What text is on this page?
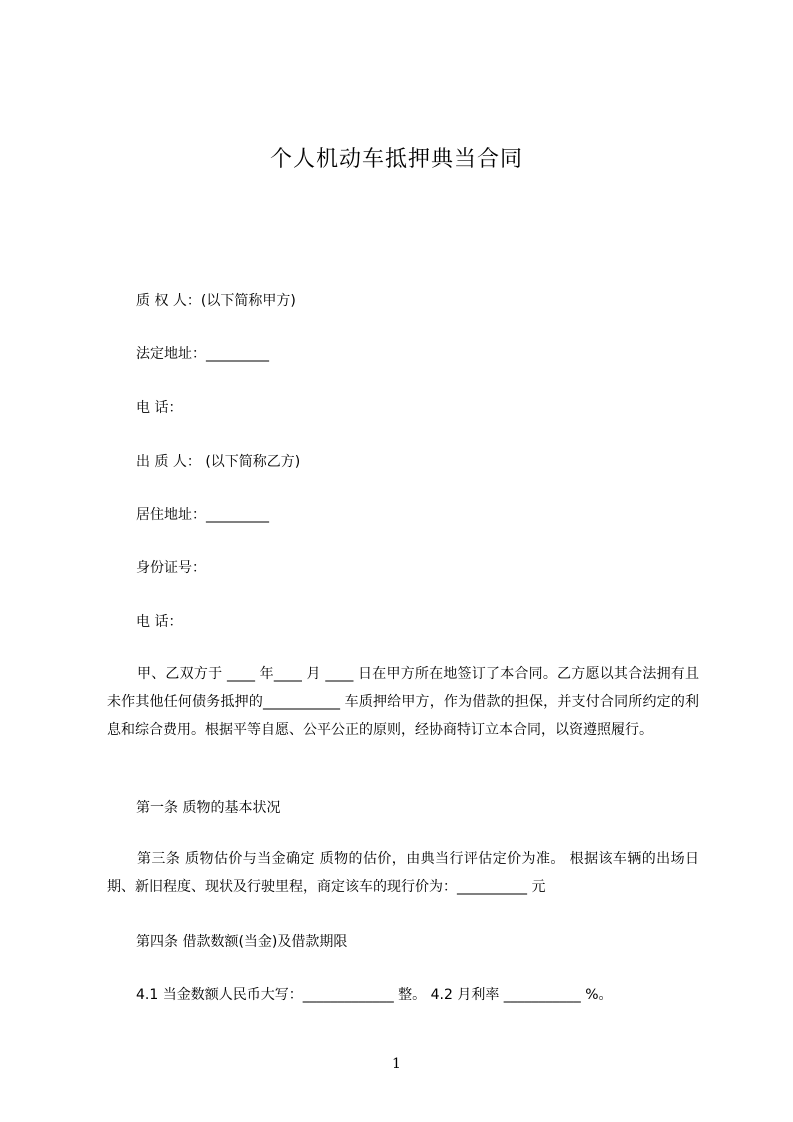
个人机动车抵押典当合同
质 权 人：(以下简称甲方)
法定地址：_________
电 话：
出 质 人： (以下简称乙方)
居住地址：_________
身份证号：
电 话：
甲、乙双方于 ____ 年____ 月 ____ 日在甲方所在地签订了本合同。乙方愿以其合法拥有且未作其他任何债务抵押的___________ 车质押给甲方，作为借款的担保，并支付合同所约定的利息和综合费用。根据平等自愿、公平公正的原则，经协商特订立本合同，以资遵照履行。
第一条 质物的基本状况
第三条 质物估价与当金确定 质物的估价，由典当行评估定价为准。 根据该车辆的出场日期、新旧程度、现状及行驶里程，商定该车的现行价为：__________ 元
第四条 借款数额(当金)及借款期限
4.1 当金数额人民币大写：_____________ 整。 4.2 月利率 ___________ %。
1
